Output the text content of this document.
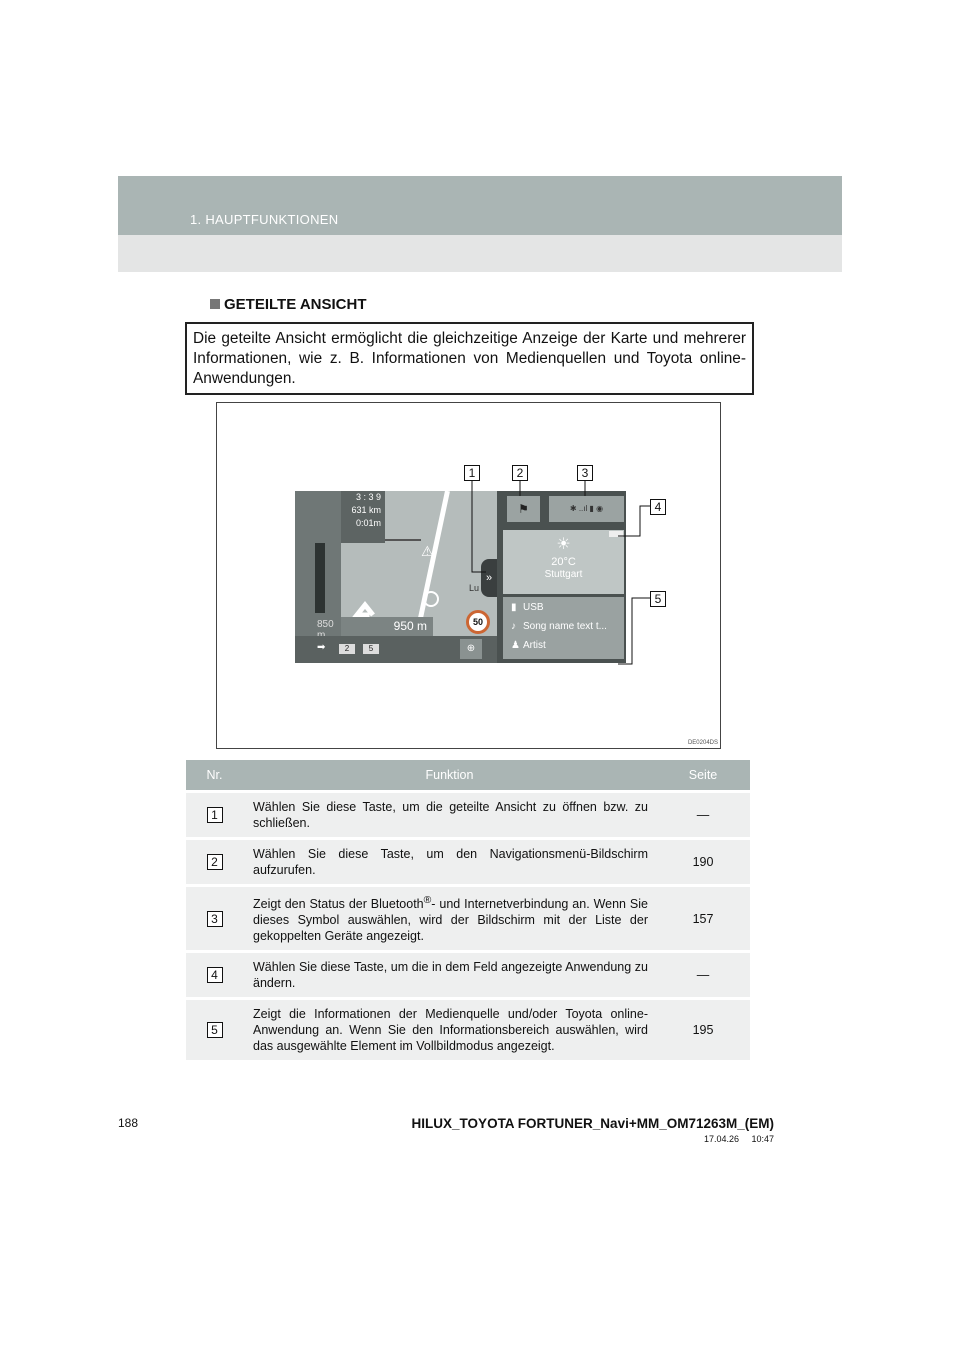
1. HAUPTFUNKTIONEN
GETEILTE ANSICHT
Die geteilte Ansicht ermöglicht die gleichzeitige Anzeige der Karte und mehrerer Informationen, wie z. B. Informationen von Medienquellen und Toyota online-Anwendungen.
DE0204DS
850
3 : 3 9
631 km
0:01m
⚠
950 m
➡	⊕
2	5
50
Lu
»
⚑	✱ ..ıl ▮ ◉
☀
20°C
Stuttgart
▮ USB
♪ Song name text t...
♟ Artist
1	2	3
4
5
Nr.	Funktion	Seite
1	Wählen Sie diese Taste, um die geteilte Ansicht zu öffnen bzw. zu schließen.	—
2	Wählen Sie diese Taste, um den Navigationsmenü-Bildschirm aufzurufen.	190
3	Zeigt den Status der Bluetooth®- und Internetverbindung an. Wenn Sie dieses Symbol auswählen, wird der Bildschirm mit der Liste der gekoppelten Geräte angezeigt.	157
4	Wählen Sie diese Taste, um die in dem Feld angezeigte Anwendung zu ändern.	—
5	Zeigt die Informationen der Medienquelle und/oder Toyota online-Anwendung an. Wenn Sie den Informationsbereich auswählen, wird das ausgewählte Element im Vollbildmodus angezeigt.	195
188	HILUX_TOYOTA FORTUNER_Navi+MM_OM71263M_(EM)
17.04.26     10:47
